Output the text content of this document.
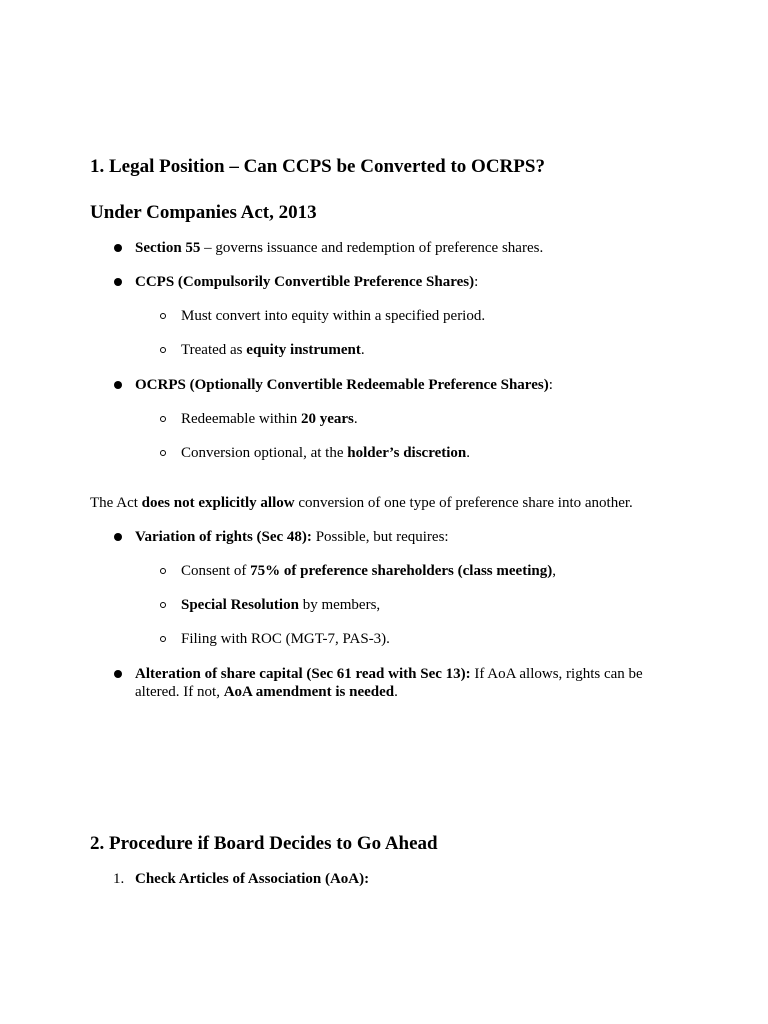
1. Legal Position – Can CCPS be Converted to OCRPS?
Under Companies Act, 2013

Section 55 – governs issuance and redemption of preference shares.

CCPS (Compulsorily Convertible Preference Shares):

Must convert into equity within a specified period.

Treated as equity instrument.

OCRPS (Optionally Convertible Redeemable Preference Shares):

Redeemable within 20 years.

Conversion optional, at the holder’s discretion.

The Act does not explicitly allow conversion of one type of preference share into another.

Variation of rights (Sec 48): Possible, but requires:

Consent of 75% of preference shareholders (class meeting),

Special Resolution by members,

Filing with ROC (MGT-7, PAS-3).

Alteration of share capital (Sec 61 read with Sec 13): If AoA allows, rights can be altered. If not, AoA amendment is needed.

2. Procedure if Board Decides to Go Ahead
1. Check Articles of Association (AoA):
